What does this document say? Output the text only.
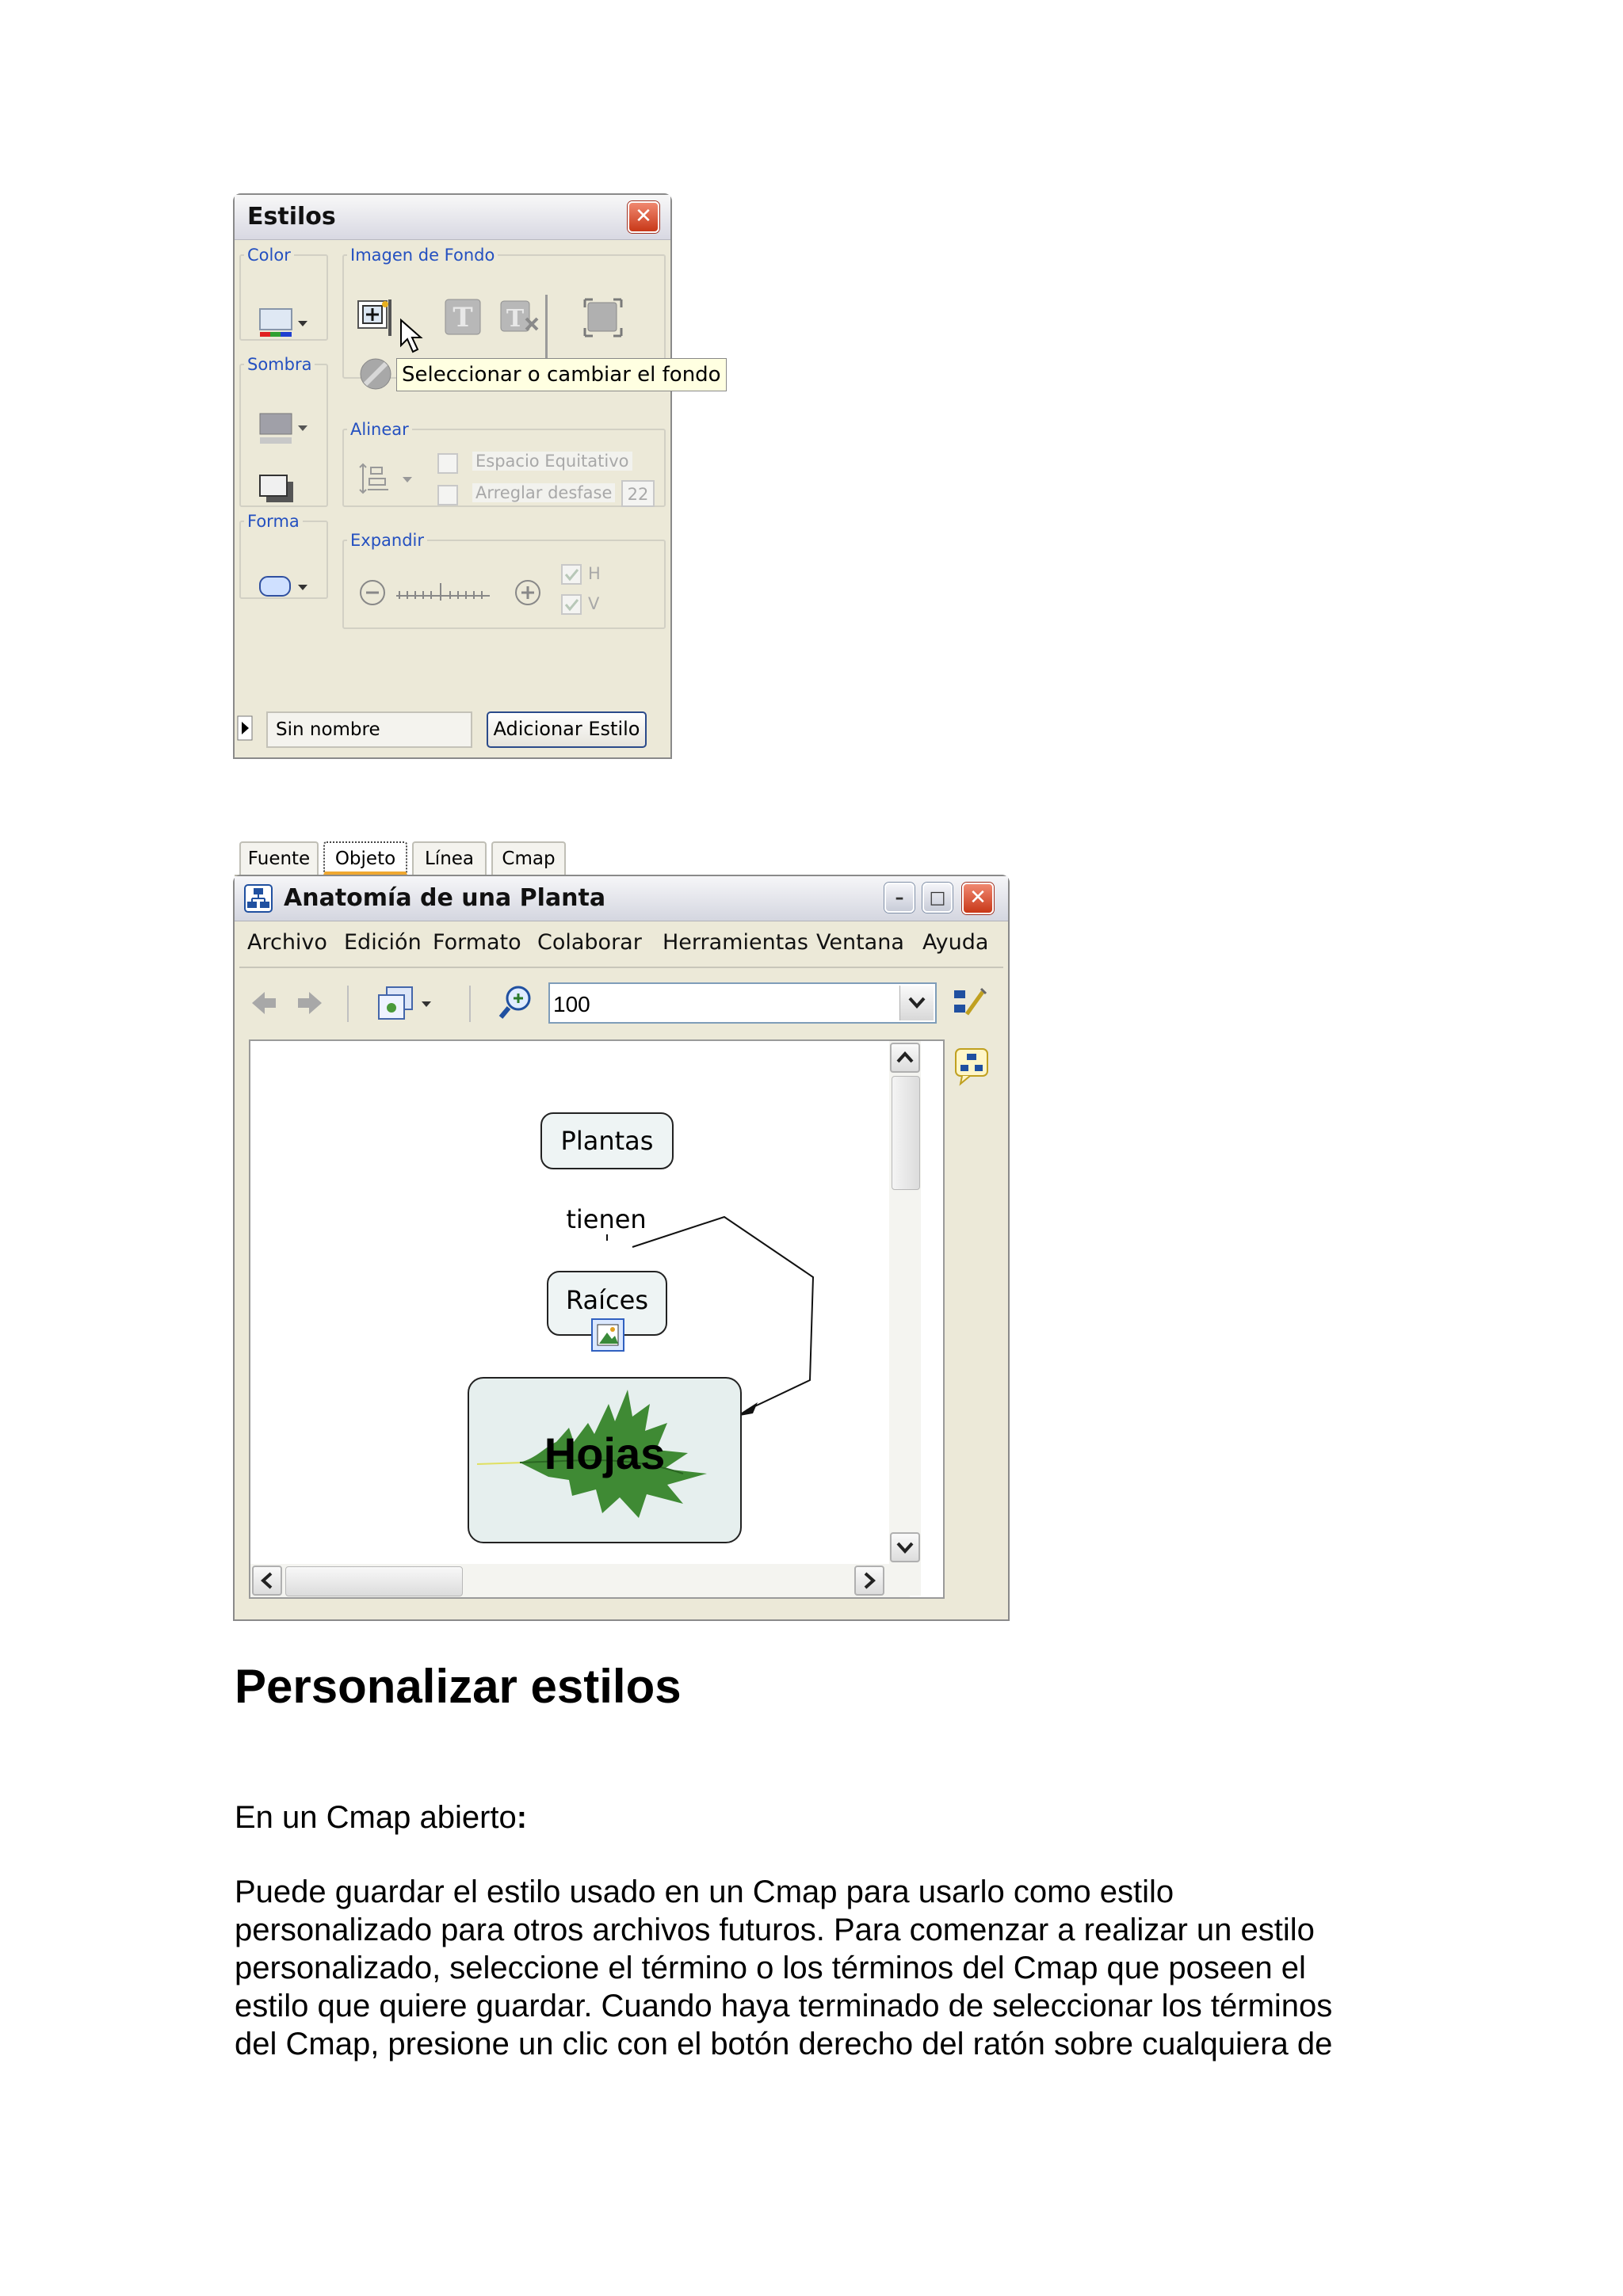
Estilos	✕
Color	Imagen de Fondo
T T
Seleccionar o cambiar el fondo
Sombra
Alinear
Espacio Equitativo
Arreglar desfase 22
Forma
Expandir
H
V
Fuente	Objeto	Línea	Cmap
Sin nombre	Adicionar Estilo
Anatomía de una Planta	–	□	✕
Archivo Edición Formato Colaborar Herramientas Ventana Ayuda
100
Plantas
tienen
Raíces
Hojas
Personalizar estilos
En un Cmap abierto:
Puede guardar el estilo usado en un Cmap para usarlo como estilo
personalizado para otros archivos futuros. Para comenzar a realizar un estilo
personalizado, seleccione el término o los términos del Cmap que poseen el
estilo que quiere guardar. Cuando haya terminado de seleccionar los términos
del Cmap, presione un clic con el botón derecho del ratón sobre cualquiera de
